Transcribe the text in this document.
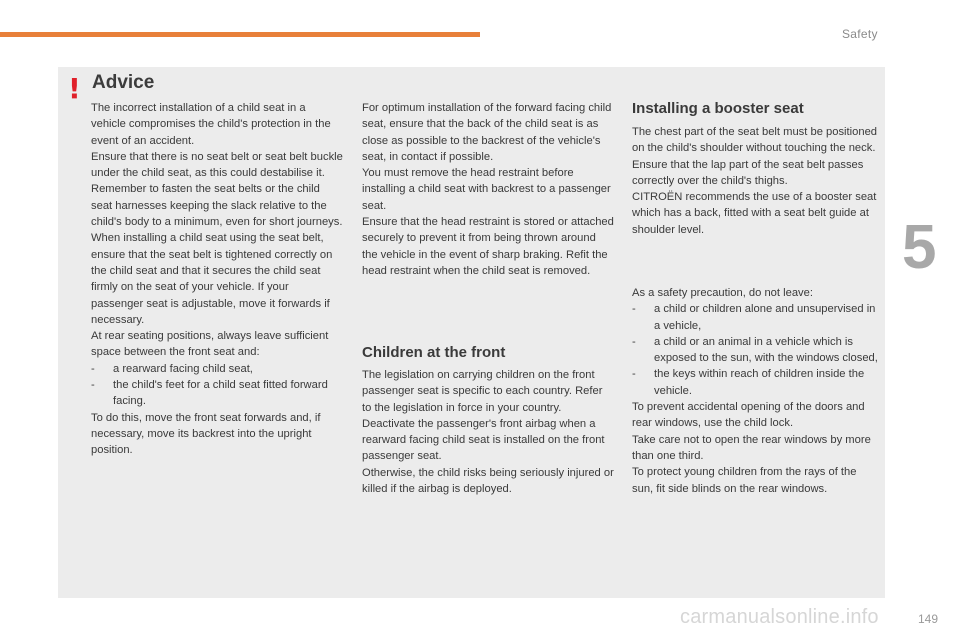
Safety
5
! Advice

The incorrect installation of a child seat in a vehicle compromises the child's protection in the event of an accident.

Ensure that there is no seat belt or seat belt buckle under the child seat, as this could destabilise it.

Remember to fasten the seat belts or the child seat harnesses keeping the slack relative to the child's body to a minimum, even for short journeys.

When installing a child seat using the seat belt, ensure that the seat belt is tightened correctly on the child seat and that it secures the child seat firmly on the seat of your vehicle. If your passenger seat is adjustable, move it forwards if necessary.

At rear seating positions, always leave sufficient space between the front seat and:

- a rearward facing child seat,

- the child's feet for a child seat fitted forward facing.

To do this, move the front seat forwards and, if necessary, move its backrest into the upright position.

For optimum installation of the forward facing child seat, ensure that the back of the child seat is as close as possible to the backrest of the vehicle's seat, in contact if possible.

You must remove the head restraint before installing a child seat with backrest to a passenger seat.

Ensure that the head restraint is stored or attached securely to prevent it from being thrown around the vehicle in the event of sharp braking. Refit the head restraint when the child seat is removed.

Children at the front

The legislation on carrying children on the front passenger seat is specific to each country. Refer to the legislation in force in your country.

Deactivate the passenger's front airbag when a rearward facing child seat is installed on the front passenger seat.

Otherwise, the child risks being seriously injured or killed if the airbag is deployed.

Installing a booster seat

The chest part of the seat belt must be positioned on the child's shoulder without touching the neck.

Ensure that the lap part of the seat belt passes correctly over the child's thighs.

CITROËN recommends the use of a booster seat which has a back, fitted with a seat belt guide at shoulder level.

As a safety precaution, do not leave:

- a child or children alone and unsupervised in a vehicle,

- a child or an animal in a vehicle which is exposed to the sun, with the windows closed,

- the keys within reach of children inside the vehicle.

To prevent accidental opening of the doors and rear windows, use the child lock.

Take care not to open the rear windows by more than one third.

To protect young children from the rays of the sun, fit side blinds on the rear windows.

carmanualsonline.info	149
